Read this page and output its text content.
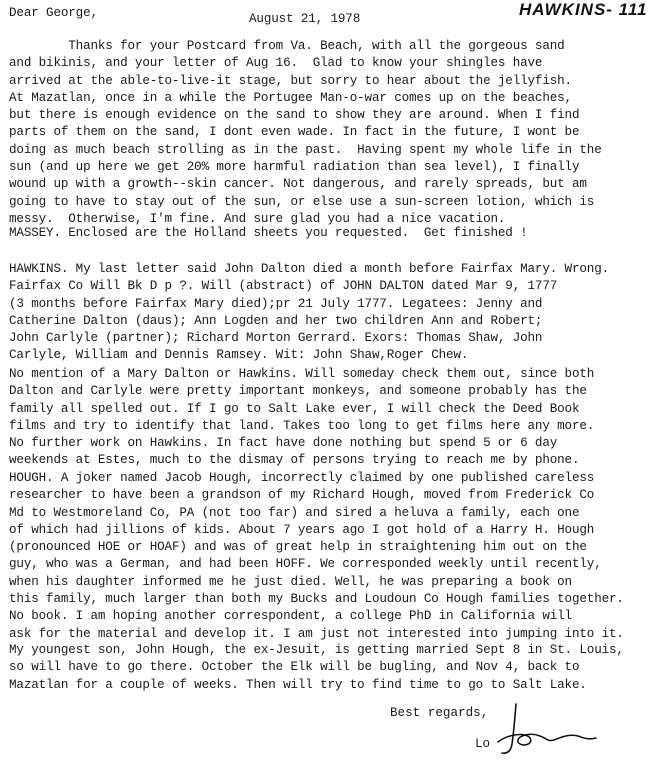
Dear George,	August 21, 1978	HAWKINS- 111
Thanks for your Postcard from Va. Beach, with all the gorgeous sand
and bikinis, and your letter of Aug 16.  Glad to know your shingles have
arrived at the able-to-live-it stage, but sorry to hear about the jellyfish.
At Mazatlan, once in a while the Portugee Man-o-war comes up on the beaches,
but there is enough evidence on the sand to show they are around. When I find
parts of them on the sand, I dont even wade. In fact in the future, I wont be
doing as much beach strolling as in the past.  Having spent my whole life in the
sun (and up here we get 20% more harmful radiation than sea level), I finally
wound up with a growth--skin cancer. Not dangerous, and rarely spreads, but am
going to have to stay out of the sun, or else use a sun-screen lotion, which is
messy.  Otherwise, I'm fine. And sure glad you had a nice vacation.
MASSEY. Enclosed are the Holland sheets you requested.  Get finished !
HAWKINS. My last letter said John Dalton died a month before Fairfax Mary. Wrong.
Fairfax Co Will Bk D p ?. Will (abstract) of JOHN DALTON dated Mar 9, 1777
(3 months before Fairfax Mary died);pr 21 July 1777. Legatees: Jenny and
Catherine Dalton (daus); Ann Logden and her two children Ann and Robert;
John Carlyle (partner); Richard Morton Gerrard. Exors: Thomas Shaw, John
Carlyle, William and Dennis Ramsey. Wit: John Shaw,Roger Chew.
No mention of a Mary Dalton or Hawkins. Will someday check them out, since both
Dalton and Carlyle were pretty important monkeys, and someone probably has the
family all spelled out. If I go to Salt Lake ever, I will check the Deed Book
films and try to identify that land. Takes too long to get films here any more.
No further work on Hawkins. In fact have done nothing but spend 5 or 6 day
weekends at Estes, much to the dismay of persons trying to reach me by phone.
HOUGH. A joker named Jacob Hough, incorrectly claimed by one published careless
researcher to have been a grandson of my Richard Hough, moved from Frederick Co
Md to Westmoreland Co, PA (not too far) and sired a heluva a family, each one
of which had jillions of kids. About 7 years ago I got hold of a Harry H. Hough
(pronounced HOE or HOAF) and was of great help in straightening him out on the
guy, who was a German, and had been HOFF. We corresponded weekly until recently,
when his daughter informed me he just died. Well, he was preparing a book on
this family, much larger than both my Bucks and Loudoun Co Hough families together.
No book. I am hoping another correspondent, a college PhD in California will
ask for the material and develop it. I am just not interested into jumping into it.
My youngest son, John Hough, the ex-Jesuit, is getting married Sept 8 in St. Louis,
so will have to go there. October the Elk will be bugling, and Nov 4, back to
Mazatlan for a couple of weeks. Then will try to find time to go to Salt Lake.
Best regards,
Lo
